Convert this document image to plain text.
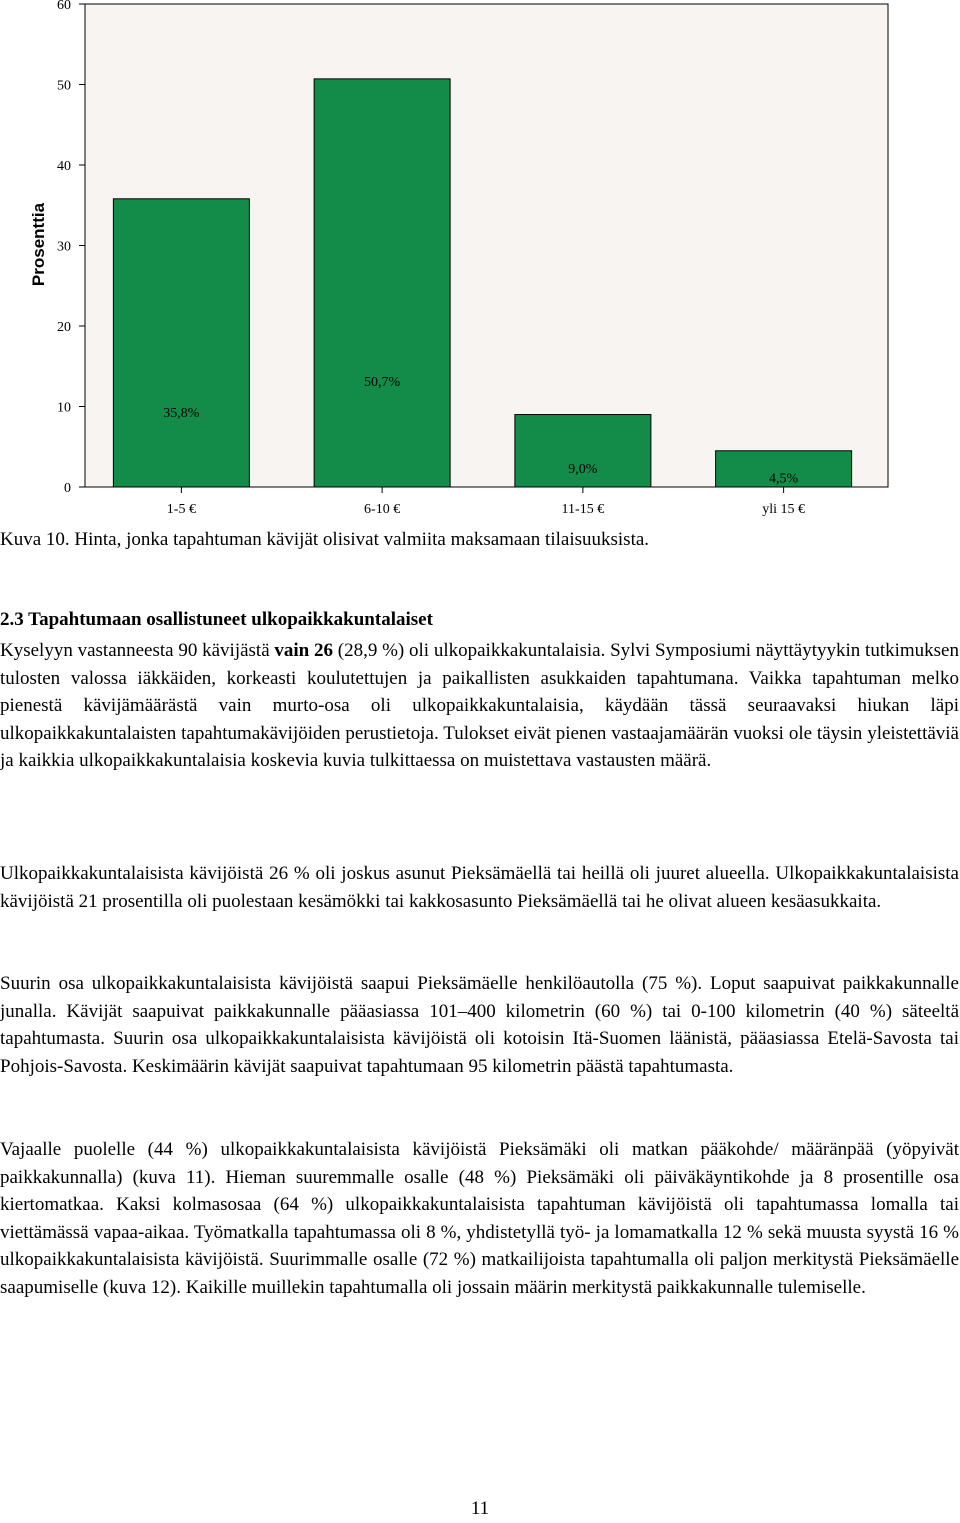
0
10
20
30
40
50
60
Prosenttia
35,8%
1-5 €
50,7%
6-10 €
9,0%
11-15 €
4,5%
yli 15 €
Kuva 10. Hinta, jonka tapahtuman kävijät olisivat valmiita maksamaan tilaisuuksista.
2.3 Tapahtumaan osallistuneet ulkopaikkakuntalaiset

Kyselyyn vastanneesta 90 kävijästä vain 26 (28,9 %) oli ulkopaikkakuntalaisia. Sylvi Symposiumi näyttäytyykin tutkimuksen tulosten valossa iäkkäiden, korkeasti koulutettujen ja paikallisten asukkaiden tapahtumana. Vaikka tapahtuman melko pienestä kävijämäärästä vain murto-osa oli ulkopaikkakuntalaisia, käydään tässä seuraavaksi hiukan läpi ulkopaikkakuntalaisten tapahtumakävijöiden perustietoja. Tulokset eivät pienen vastaajamäärän vuoksi ole täysin yleistettäviä ja kaikkia ulkopaikkakuntalaisia koskevia kuvia tulkittaessa on muistettava vastausten määrä.

Ulkopaikkakuntalaisista kävijöistä 26 % oli joskus asunut Pieksämäellä tai heillä oli juuret alueella. Ulkopaikkakuntalaisista kävijöistä 21 prosentilla oli puolestaan kesämökki tai kakkosasunto Pieksämäellä tai he olivat alueen kesäasukkaita.

Suurin osa ulkopaikkakuntalaisista kävijöistä saapui Pieksämäelle henkilöautolla (75 %). Loput saapuivat paikkakunnalle junalla. Kävijät saapuivat paikkakunnalle pääasiassa 101–400 kilometrin (60 %) tai 0-100 kilometrin (40 %) säteeltä tapahtumasta. Suurin osa ulkopaikkakuntalaisista kävijöistä oli kotoisin Itä-Suomen läänistä, pääasiassa Etelä-Savosta tai Pohjois-Savosta. Keskimäärin kävijät saapuivat tapahtumaan 95 kilometrin päästä tapahtumasta.

Vajaalle puolelle (44 %) ulkopaikkakuntalaisista kävijöistä Pieksämäki oli matkan pääkohde/ määränpää (yöpyivät paikkakunnalla) (kuva 11). Hieman suuremmalle osalle (48 %) Pieksämäki oli päiväkäyntikohde ja 8 prosentille osa kiertomatkaa. Kaksi kolmasosaa (64 %) ulkopaikkakuntalaisista tapahtuman kävijöistä oli tapahtumassa lomalla tai viettämässä vapaa-aikaa. Työmatkalla tapahtumassa oli 8 %, yhdistetyllä työ- ja lomamatkalla 12 % sekä muusta syystä 16 % ulkopaikkakuntalaisista kävijöistä. Suurimmalle osalle (72 %) matkailijoista tapahtumalla oli paljon merkitystä Pieksämäelle saapumiselle (kuva 12). Kaikille muillekin tapahtumalla oli jossain määrin merkitystä paikkakunnalle tulemiselle.

11
